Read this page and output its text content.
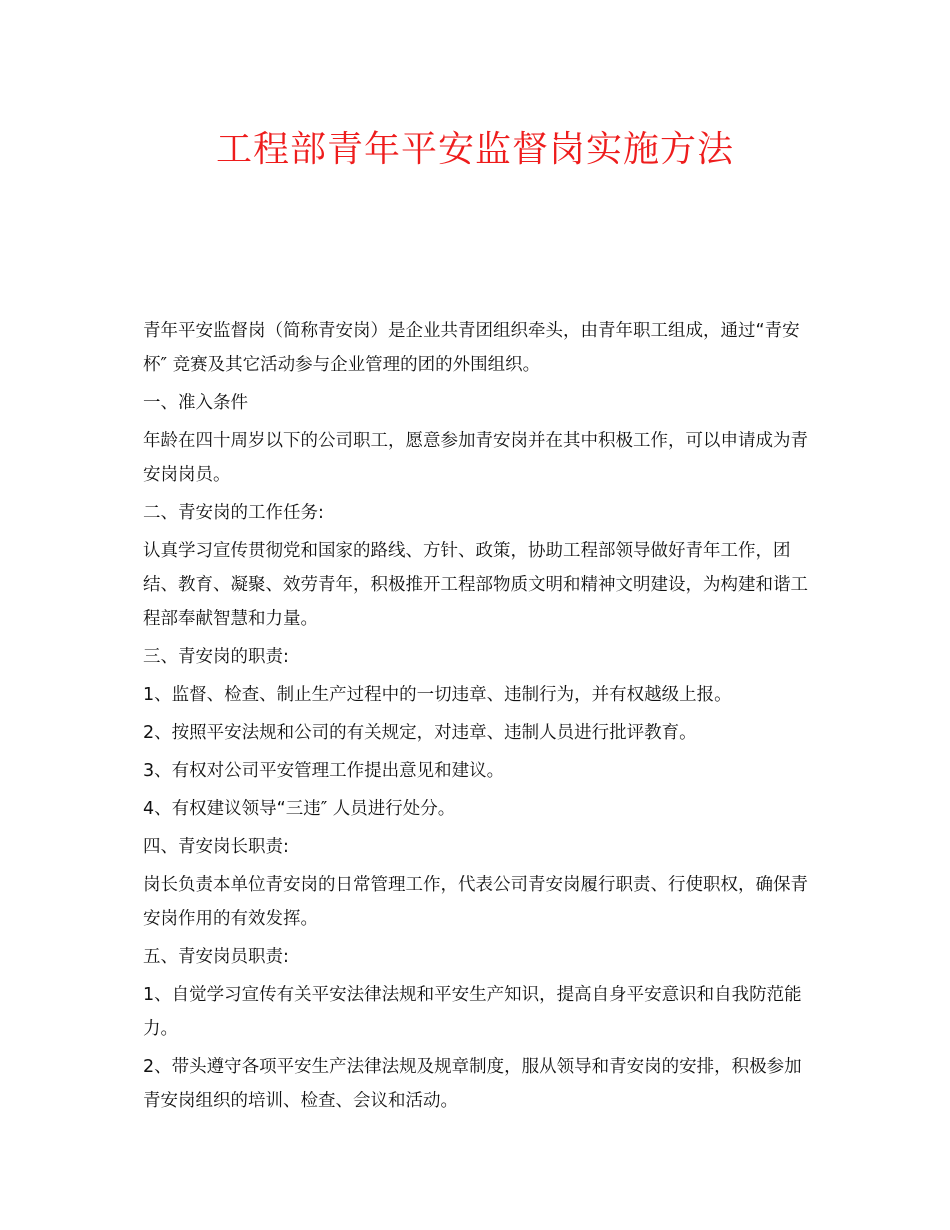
工程部青年平安监督岗实施方法

青年平安监督岗（简称青安岗）是企业共青团组织牵头，由青年职工组成，通过“青安杯″ 竞赛及其它活动参与企业管理的团的外围组织。

一、准入条件

年龄在四十周岁以下的公司职工，愿意参加青安岗并在其中积极工作，可以申请成为青安岗岗员。

二、青安岗的工作任务:

认真学习宣传贯彻党和国家的路线、方针、政策，协助工程部领导做好青年工作，团结、教育、凝聚、效劳青年，积极推开工程部物质文明和精神文明建设，为构建和谐工程部奉献智慧和力量。

三、青安岗的职责:

1、监督、检查、制止生产过程中的一切违章、违制行为，并有权越级上报。

2、按照平安法规和公司的有关规定，对违章、违制人员进行批评教育。

3、有权对公司平安管理工作提出意见和建议。

4、有权建议领导“三违″ 人员进行处分。

四、青安岗长职责:

岗长负责本单位青安岗的日常管理工作，代表公司青安岗履行职责、行使职权，确保青安岗作用的有效发挥。

五、青安岗员职责:

1、自觉学习宣传有关平安法律法规和平安生产知识，提高自身平安意识和自我防范能力。

2、带头遵守各项平安生产法律法规及规章制度，服从领导和青安岗的安排，积极参加青安岗组织的培训、检查、会议和活动。
